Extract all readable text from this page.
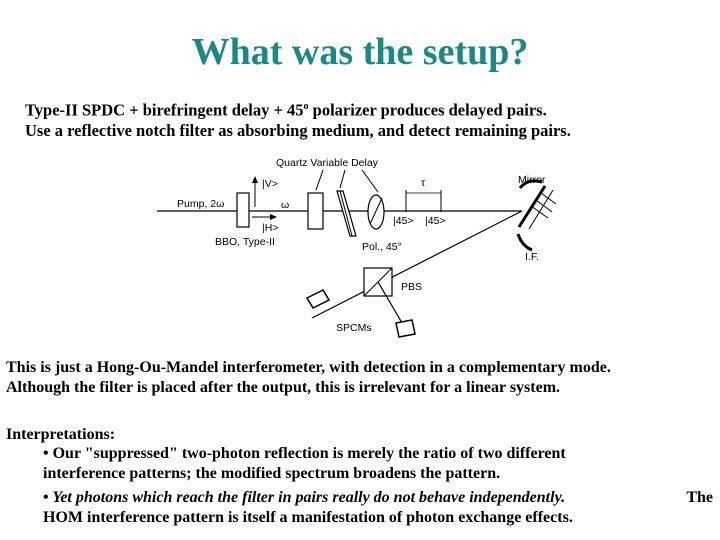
What was the setup?
Type-II SPDC + birefringent delay + $45^o$ polarizer produces delayed pairs.
Use a reflective notch filter as absorbing medium, and detect remaining pairs.
Quartz Variable Delay
Pump, 2ω
|V>
ω
|H>
BBO, Type-II
τ
|45> |45>
Pol., 45°
Mirror
I.F.
PBS
SPCMs
This is just a Hong-Ou-Mandel interferometer, with detection in a complementary mode.
Although the filter is placed after the output, this is irrelevant for a linear system.
Interpretations:
• Our "suppressed" two-photon reflection is merely the ratio of two different
interference patterns; the modified spectrum broadens the pattern.
• Yet photons which reach the filter in pairs really do not behave independently.
HOM interference pattern is itself a manifestation of photon exchange effects.
The
